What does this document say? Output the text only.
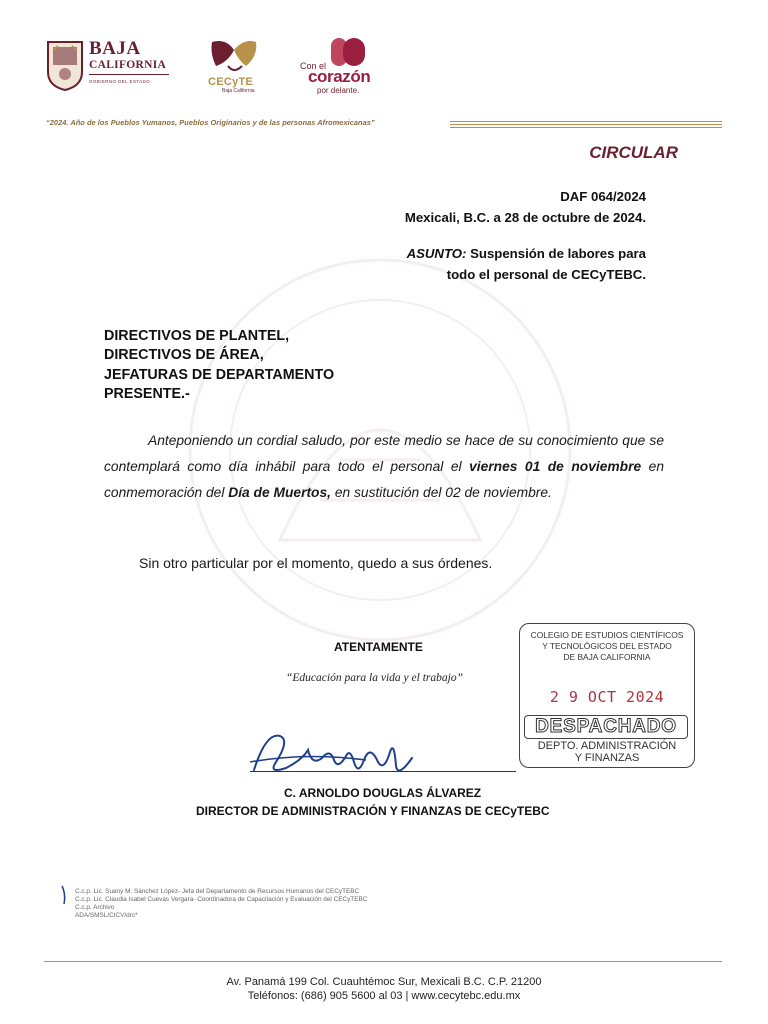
BAJA
CALIFORNIA
GOBIERNO DEL ESTADO	CECyTE
Baja California
Con el
corazón
por delante.
“2024. Año de los Pueblos Yumanos, Pueblos Originarios y de las personas Afromexicanas”
CIRCULAR
DAF 064/2024
Mexicali, B.C. a 28 de octubre de 2024.
ASUNTO: Suspensión de labores para
todo el personal de CECyTEBC.
DIRECTIVOS DE PLANTEL,
DIRECTIVOS DE ÁREA,
JEFATURAS DE DEPARTAMENTO
PRESENTE.-
Anteponiendo un cordial saludo, por este medio se hace de su conocimiento que se contemplará como día inhábil para todo el personal el viernes 01 de noviembre en conmemoración del Día de Muertos, en sustitución del 02 de noviembre.
Sin otro particular por el momento, quedo a sus órdenes.
ATENTAMENTE
“Educación para la vida y el trabajo”
C. ARNOLDO DOUGLAS ÁLVAREZ
DIRECTOR DE ADMINISTRACIÓN Y FINANZAS DE CECyTEBC
COLEGIO DE ESTUDIOS CIENTÍFICOS
Y TECNOLÓGICOS DEL ESTADO
DE BAJA CALIFORNIA
2 9 OCT 2024
DESPACHADO
DEPTO. ADMINISTRACIÓN
Y FINANZAS
C.c.p. Lic. Suany M. Sánchez López- Jefa del Departamento de Recursos Humanos del CECyTEBC
C.c.p. Lic. Claudia Isabel Cuevas Vergara- Coordinadora de Capacitación y Evaluación del CECyTEBC
C.c.p. Archivo
ADA/SMSL/CICV/drc*
Av. Panamá 199 Col. Cuauhtémoc Sur, Mexicali B.C. C.P. 21200
Teléfonos: (686) 905 5600 al 03 | www.cecytebc.edu.mx
